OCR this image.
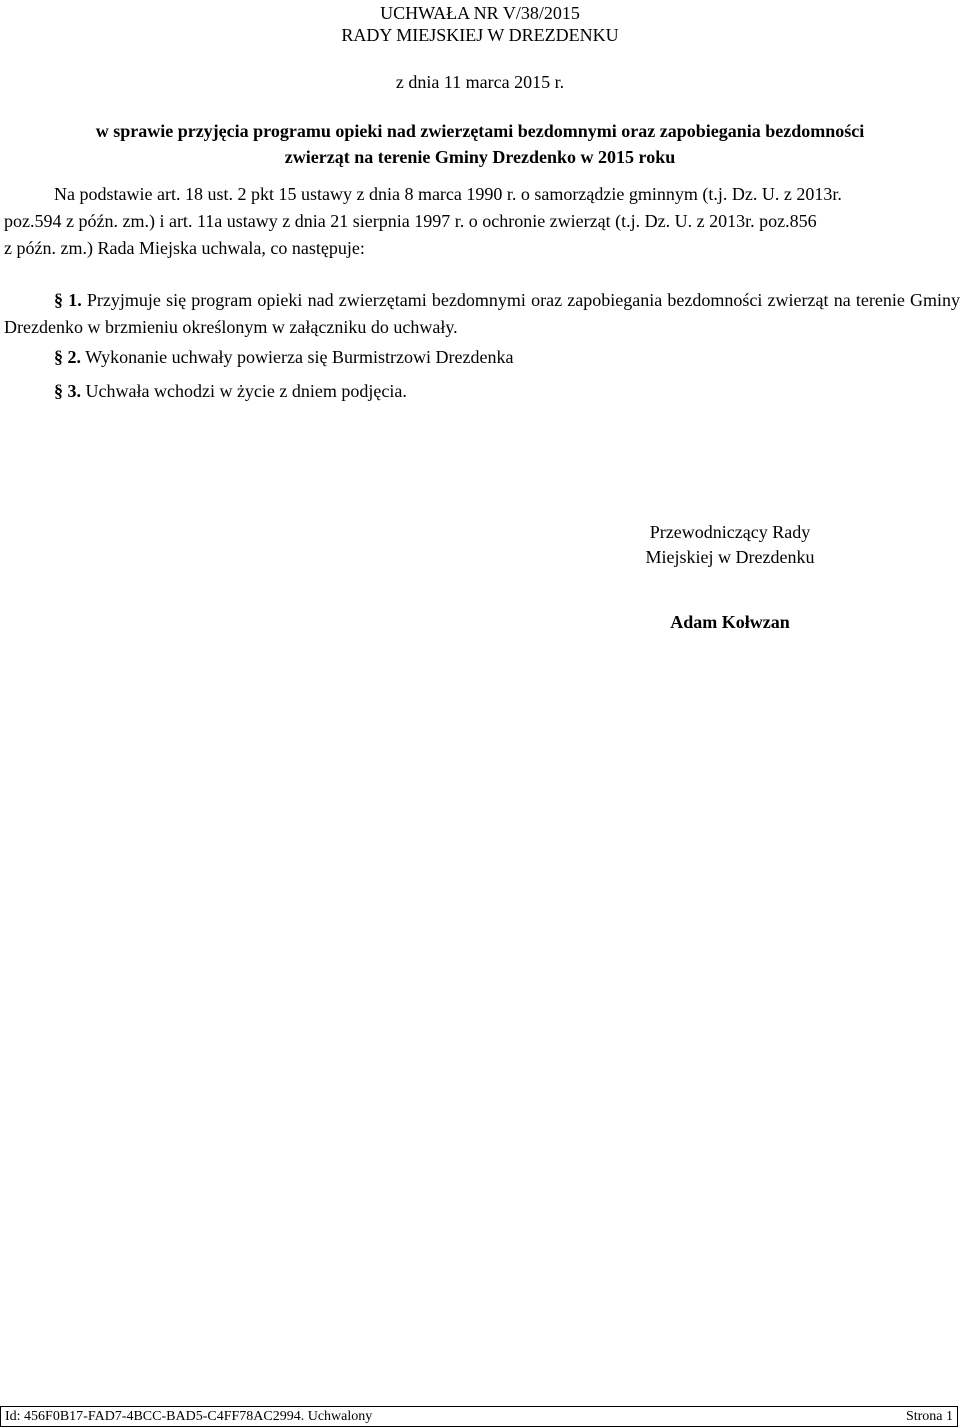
UCHWAŁA NR V/38/2015
RADY MIEJSKIEJ W DREZDENKU
z dnia 11 marca 2015 r.
w sprawie przyjęcia programu opieki nad zwierzętami bezdomnymi oraz zapobiegania bezdomności
zwierząt na terenie Gminy Drezdenko w 2015 roku
Na podstawie art. 18 ust. 2 pkt 15 ustawy z dnia 8 marca 1990 r. o samorządzie gminnym (t.j. Dz. U. z 2013r.
poz.594 z późn. zm.) i art. 11a ustawy z dnia 21 sierpnia 1997 r. o ochronie zwierząt (t.j. Dz. U. z 2013r. poz.856
z późn. zm.) Rada Miejska uchwala, co następuje:
§ 1. Przyjmuje się program opieki nad zwierzętami bezdomnymi oraz zapobiegania bezdomności zwierząt na terenie Gminy Drezdenko w brzmieniu określonym w załączniku do uchwały.
§ 2. Wykonanie uchwały powierza się Burmistrzowi Drezdenka
§ 3. Uchwała wchodzi w życie z dniem podjęcia.
Przewodniczący Rady
Miejskiej w Drezdenku
Adam Kołwzan
Id: 456F0B17-FAD7-4BCC-BAD5-C4FF78AC2994. Uchwalony	Strona 1
